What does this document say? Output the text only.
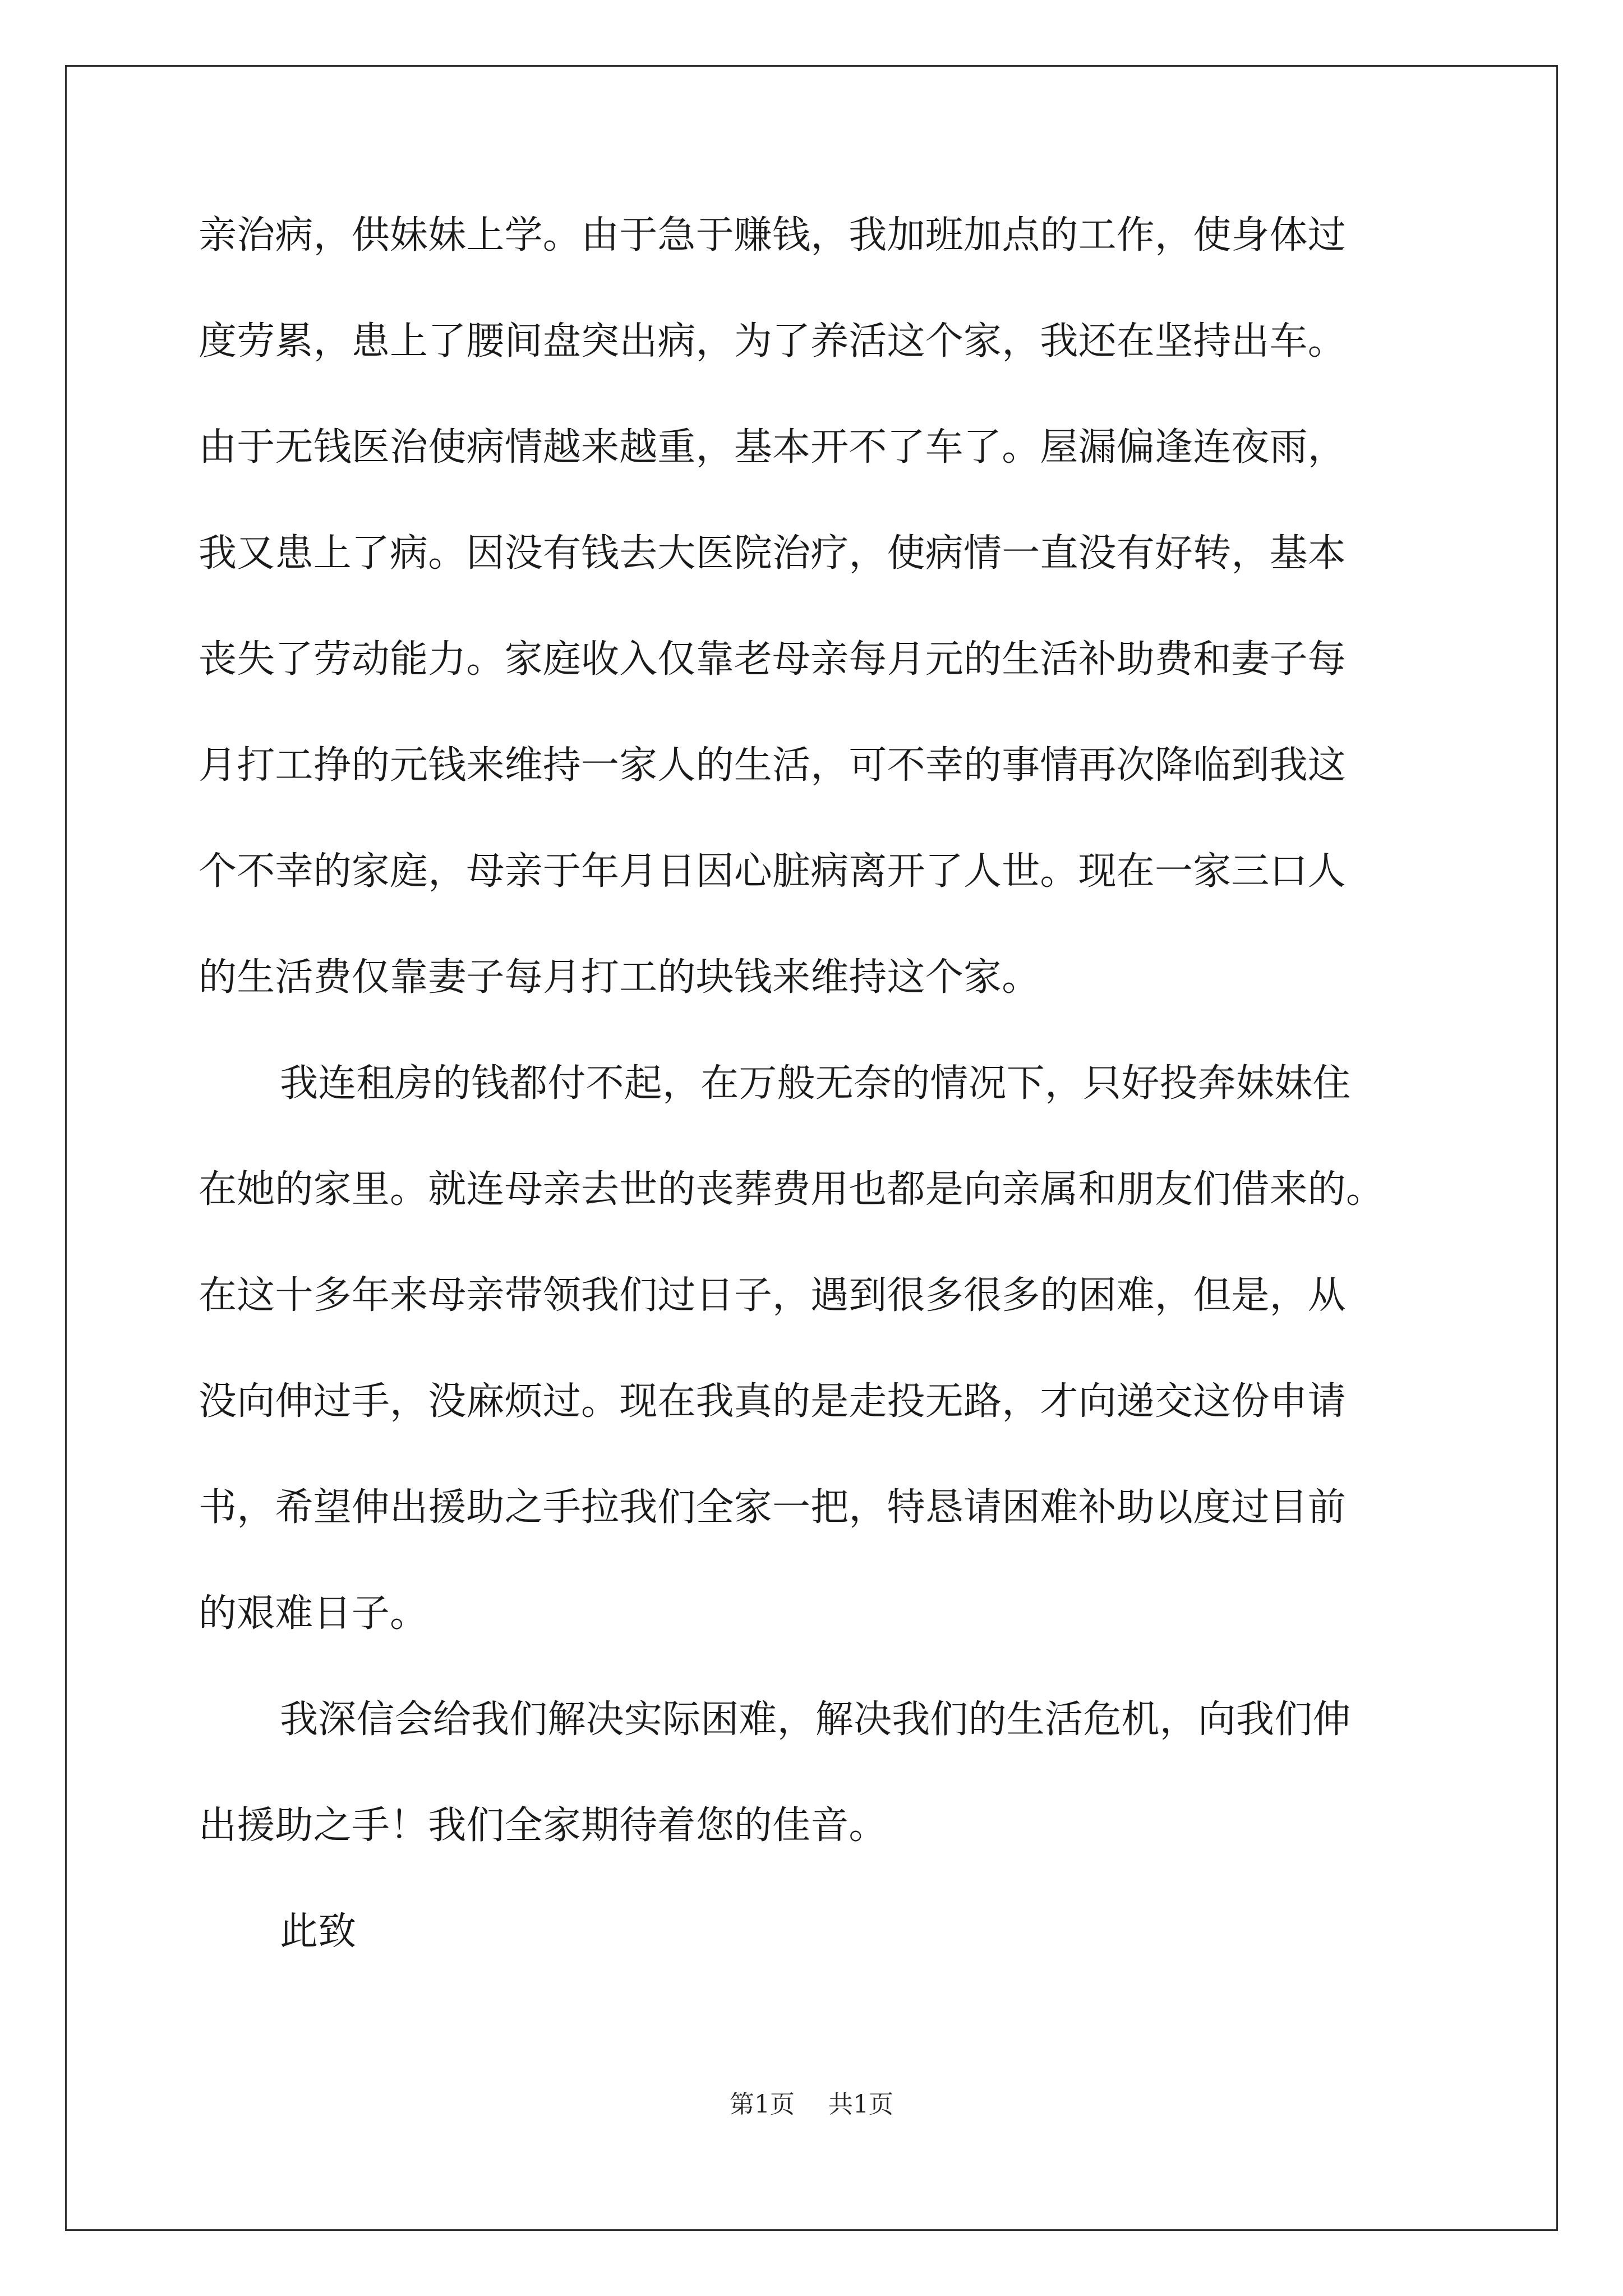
亲治病，供妹妹上学。由于急于赚钱，我加班加点的工作，使身体过
度劳累，患上了腰间盘突出病，为了养活这个家，我还在坚持出车。
由于无钱医治使病情越来越重，基本开不了车了。屋漏偏逢连夜雨，
我又患上了病。因没有钱去大医院治疗，使病情一直没有好转，基本
丧失了劳动能力。家庭收入仅靠老母亲每月元的生活补助费和妻子每
月打工挣的元钱来维持一家人的生活，可不幸的事情再次降临到我这
个不幸的家庭，母亲于年月日因心脏病离开了人世。现在一家三口人
的生活费仅靠妻子每月打工的块钱来维持这个家。
我连租房的钱都付不起，在万般无奈的情况下，只好投奔妹妹住
在她的家里。就连母亲去世的丧葬费用也都是向亲属和朋友们借来的。
在这十多年来母亲带领我们过日子，遇到很多很多的困难，但是，从
没向伸过手，没麻烦过。现在我真的是走投无路，才向递交这份申请
书，希望伸出援助之手拉我们全家一把，特恳请困难补助以度过目前
的艰难日子。
我深信会给我们解决实际困难，解决我们的生活危机，向我们伸
出援助之手！我们全家期待着您的佳音。
此致
第1页 共1页
